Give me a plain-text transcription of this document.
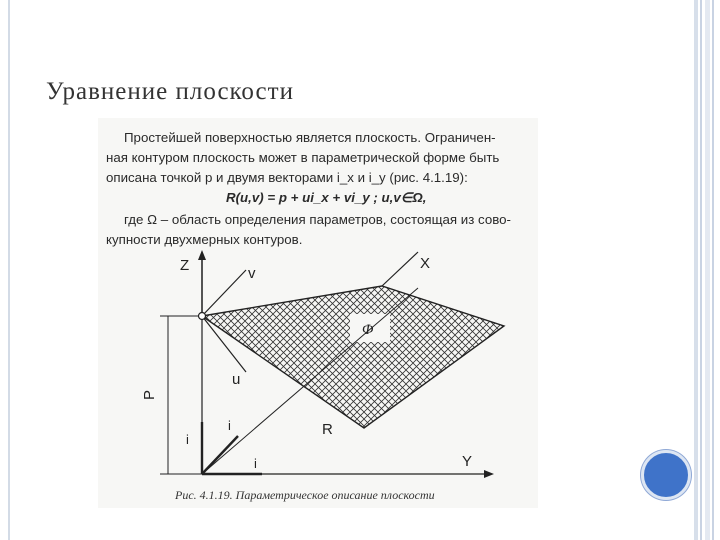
Уравнение плоскости

Простейшей поверхностью является плоскость. Ограничен-

ная контуром плоскость может в параметрической форме быть

описана точкой p и двумя векторами i_x и i_y (рис. 4.1.19):

R(u,v) = p + ui_x + vi_y ; u,v∈Ω,

где Ω – область определения параметров, состоящая из сово-

купности двухмерных контуров.

Z	v
X
Φ
u
P
i
i	R
i	Y
Рис. 4.1.19. Параметрическое описание плоскости
